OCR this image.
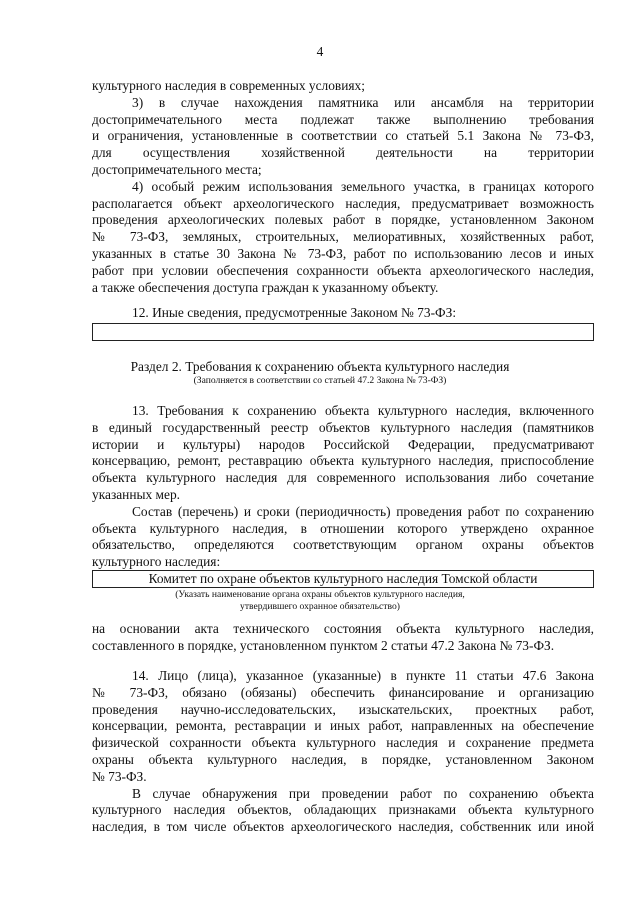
4
культурного наследия в современных условиях;
3) в случае нахождения памятника или ансамбля на территории
достопримечательного места подлежат также выполнению требования
и ограничения, установленные в соответствии со статьей 5.1 Закона № 73-ФЗ,
для осуществления хозяйственной деятельности на территории
достопримечательного места;
4) особый режим использования земельного участка, в границах которого
располагается объект археологического наследия, предусматривает возможность
проведения археологических полевых работ в порядке, установленном Законом
№ 73-ФЗ, земляных, строительных, мелиоративных, хозяйственных работ,
указанных в статье 30 Закона № 73-ФЗ, работ по использованию лесов и иных
работ при условии обеспечения сохранности объекта археологического наследия,
а также обеспечения доступа граждан к указанному объекту.
12. Иные сведения, предусмотренные Законом № 73-ФЗ:
Раздел 2. Требования к сохранению объекта культурного наследия
(Заполняется в соответствии со статьей 47.2 Закона № 73-ФЗ)
13. Требования к сохранению объекта культурного наследия, включенного
в единый государственный реестр объектов культурного наследия (памятников
истории и культуры) народов Российской Федерации, предусматривают
консервацию, ремонт, реставрацию объекта культурного наследия, приспособление
объекта культурного наследия для современного использования либо сочетание
указанных мер.
Состав (перечень) и сроки (периодичность) проведения работ по сохранению
объекта культурного наследия, в отношении которого утверждено охранное
обязательство, определяются соответствующим органом охраны объектов
культурного наследия:
Комитет по охране объектов культурного наследия Томской области
(Указать наименование органа охраны объектов культурного наследия,
утвердившего охранное обязательство)
на основании акта технического состояния объекта культурного наследия,
составленного в порядке, установленном пунктом 2 статьи 47.2 Закона № 73-ФЗ.
14. Лицо (лица), указанное (указанные) в пункте 11 статьи 47.6 Закона
№ 73-ФЗ, обязано (обязаны) обеспечить финансирование и организацию
проведения научно-исследовательских, изыскательских, проектных работ,
консервации, ремонта, реставрации и иных работ, направленных на обеспечение
физической сохранности объекта культурного наследия и сохранение предмета
охраны объекта культурного наследия, в порядке, установленном Законом
№ 73-ФЗ.
В случае обнаружения при проведении работ по сохранению объекта
культурного наследия объектов, обладающих признаками объекта культурного
наследия, в том числе объектов археологического наследия, собственник или иной
